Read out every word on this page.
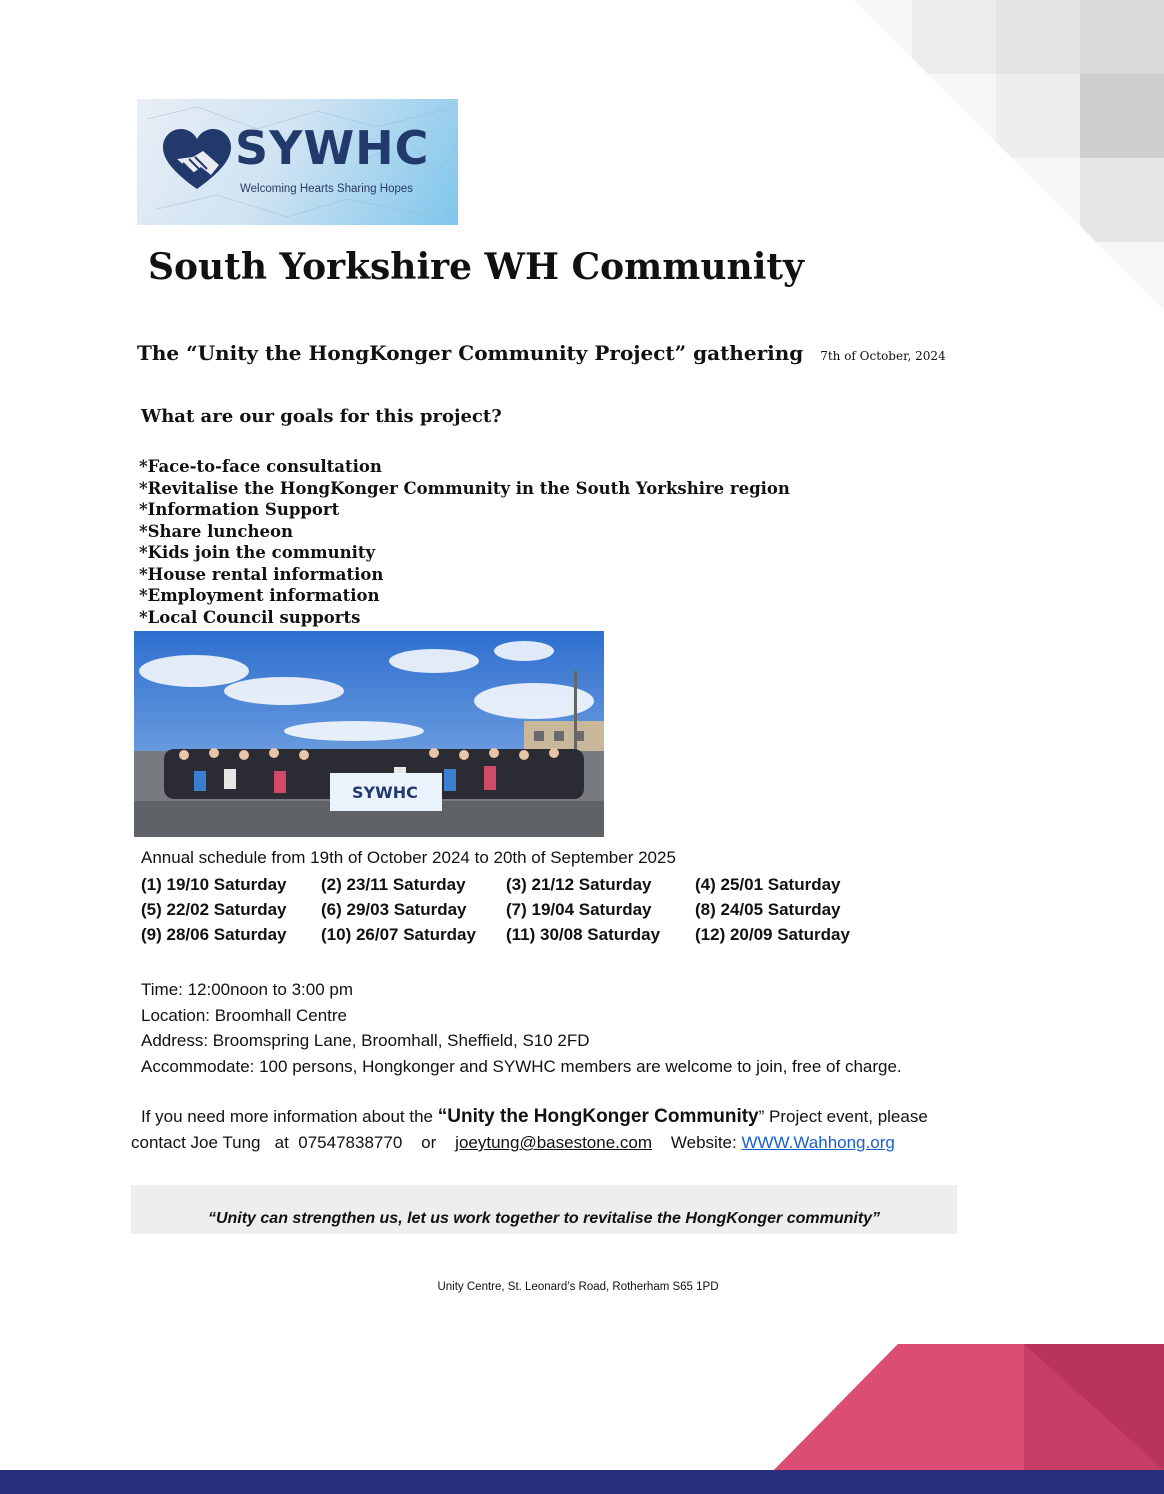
SYWHC
Welcoming Hearts Sharing Hopes
South Yorkshire WH Community
The “Unity the HongKonger Community Project” gathering 7th of October, 2024
What are our goals for this project?
*Face-to-face consultation
*Revitalise the HongKonger Community in the South Yorkshire region
*Information Support
*Share luncheon
*Kids join the community
*House rental information
*Employment information
*Local Council supports
SYWHC
Annual schedule from 19th of October 2024 to 20th of September 2025
(1) 19/10 Saturday	(2) 23/11 Saturday	(3) 21/12 Saturday	(4) 25/01 Saturday
(5) 22/02 Saturday	(6) 29/03 Saturday	(7) 19/04 Saturday	(8) 24/05 Saturday
(9) 28/06 Saturday	(10) 26/07 Saturday	(11) 30/08 Saturday	(12) 20/09 Saturday
Time: 12:00noon to 3:00 pm
Location: Broomhall Centre
Address: Broomspring Lane, Broomhall, Sheffield, S10 2FD
Accommodate: 100 persons, Hongkonger and SYWHC members are welcome to join, free of charge.
If you need more information about the “Unity the HongKonger Community” Project event, please
contact Joe Tung   at  07547838770    or    joeytung@basestone.com    Website: WWW.Wahhong.org
“Unity can strengthen us, let us work together to revitalise the HongKonger community”
Unity Centre, St. Leonard’s Road, Rotherham S65 1PD
